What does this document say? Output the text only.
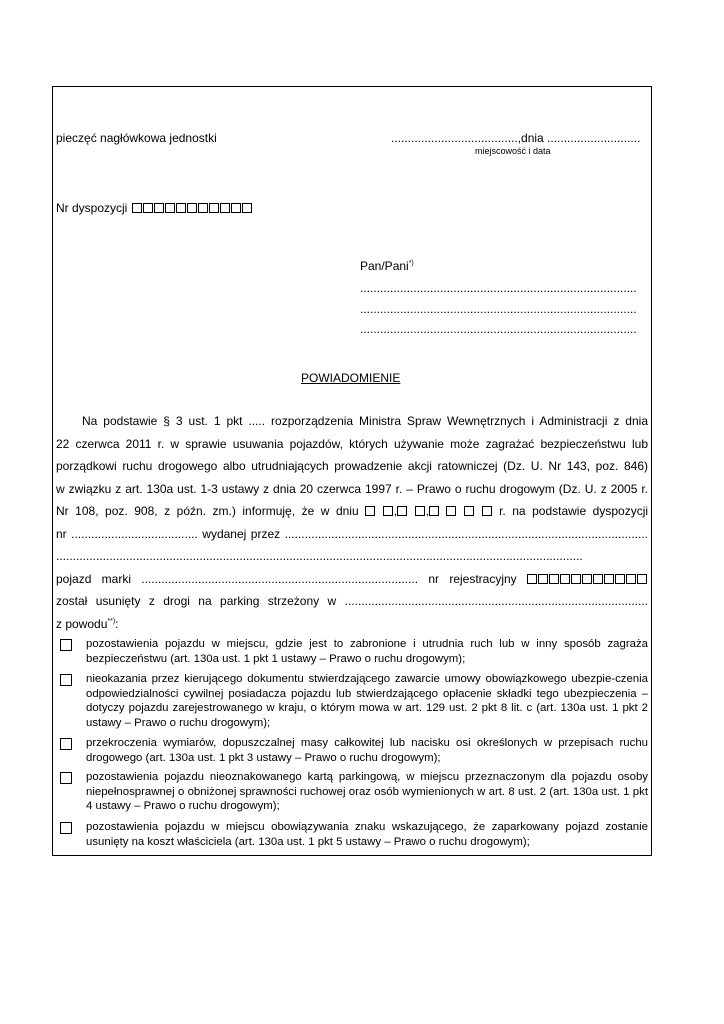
pieczęć nagłówkowa jednostki	......................................,dnia ............................
miejscowość i data
Nr dyspozycji
Pan/Pani*)
...................................................................................
...................................................................................
...................................................................................
POWIADOMIENIE
Na podstawie § 3 ust. 1 pkt ..... rozporządzenia Ministra Spraw Wewnętrznych i Administracji z dnia
22 czerwca 2011 r. w sprawie usuwania pojazdów, których używanie może zagrażać bezpieczeństwu lub
porządkowi ruchu drogowego albo utrudniających prowadzenie akcji ratowniczej (Dz. U. Nr 143, poz. 846)
w związku z art. 130a ust. 1-3 ustawy z dnia 20 czerwca 1997 r. – Prawo o ruchu drogowym (Dz. U. z 2005 r.
Nr 108, poz. 908, z późn. zm.) informuję, że w dniu	, ,	r. na podstawie dyspozycji
nr ...................................... wydanej przez .............................................................................................................
..............................................................................................................................................................
pojazd marki ................................................................................... nr rejestracyjny
został usunięty z drogi na parking strzeżony w ...........................................................................................
z powodu**):
pozostawienia pojazdu w miejscu, gdzie jest to zabronione i utrudnia ruch lub w inny sposób zagraża bezpieczeństwu (art. 130a ust. 1 pkt 1 ustawy – Prawo o ruchu drogowym);
nieokazania przez kierującego dokumentu stwierdzającego zawarcie umowy obowiązkowego ubezpie-czenia odpowiedzialności cywilnej posiadacza pojazdu lub stwierdzającego opłacenie składki tego ubezpieczenia – dotyczy pojazdu zarejestrowanego w kraju, o którym mowa w art. 129 ust. 2 pkt 8 lit. c (art. 130a ust. 1 pkt 2 ustawy – Prawo o ruchu drogowym);
przekroczenia wymiarów, dopuszczalnej masy całkowitej lub nacisku osi określonych w przepisach ruchu drogowego (art. 130a ust. 1 pkt 3 ustawy – Prawo o ruchu drogowym);
pozostawienia pojazdu nieoznakowanego kartą parkingową, w miejscu przeznaczonym dla pojazdu osoby niepełnosprawnej o obniżonej sprawności ruchowej oraz osób wymienionych w art. 8 ust. 2 (art. 130a ust. 1 pkt 4 ustawy – Prawo o ruchu drogowym);
pozostawienia pojazdu w miejscu obowiązywania znaku wskazującego, że zaparkowany pojazd zostanie usunięty na koszt właściciela (art. 130a ust. 1 pkt 5 ustawy – Prawo o ruchu drogowym);
